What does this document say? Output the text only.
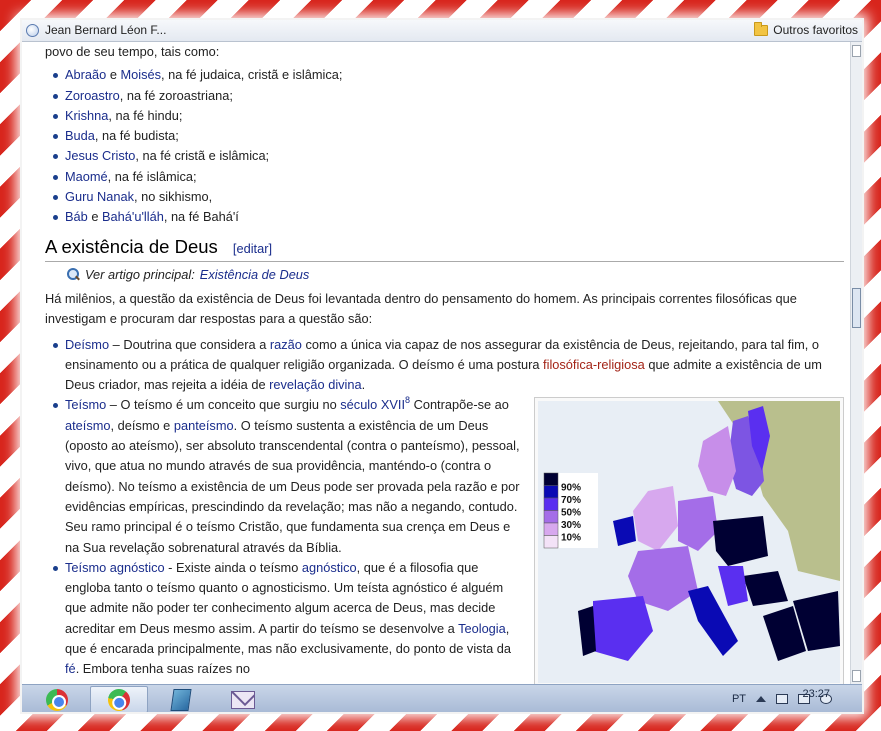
Jean Bernard Léon F...	Outros favoritos
povo de seu tempo, tais como:
Abraão e Moisés, na fé judaica, cristã e islâmica;
Zoroastro, na fé zoroastriana;
Krishna, na fé hindu;
Buda, na fé budista;
Jesus Cristo, na fé cristã e islâmica;
Maomé, na fé islâmica;
Guru Nanak, no sikhismo,
Báb e Bahá'u'lláh, na fé Bahá'í
A existência de Deus [editar]
Ver artigo principal: Existência de Deus

Há milênios, a questão da existência de Deus foi levantada dentro do pensamento do homem. As principais correntes filosóficas que investigam e procuram dar respostas para a questão são:

Deísmo – Doutrina que considera a razão como a única via capaz de nos assegurar da existência de Deus, rejeitando, para tal fim, o ensinamento ou a prática de qualquer religião organizada. O deísmo é uma postura filosófica-religiosa que admite a existência de um Deus criador, mas rejeita a idéia de revelação divina.
90%
70%
50%
30%
10%
Teísmo – O teísmo é um conceito que surgiu no século XVII$^8$ Contrapõe-se ao ateísmo, deísmo e panteísmo. O teísmo sustenta a existência de um Deus (oposto ao ateísmo), ser absoluto transcendental (contra o panteísmo), pessoal, vivo, que atua no mundo através de sua providência, manténdo-o (contra o deísmo). No teísmo a existência de um Deus pode ser provada pela razão e por evidências empíricas, prescindindo da revelação; mas não a negando, contudo. Seu ramo principal é o teísmo Cristão, que fundamenta sua crença em Deus e na Sua revelação sobrenatural através da Bíblia.
Teísmo agnóstico - Existe ainda o teísmo agnóstico, que é a filosofia que engloba tanto o teísmo quanto o agnosticismo. Um teísta agnóstico é alguém que admite não poder ter conhecimento algum acerca de Deus, mas decide acreditar em Deus mesmo assim. A partir do teísmo se desenvolve a Teologia, que é encarada principalmente, mas não exclusivamente, do ponto de vista da fé. Embora tenha suas raízes no
PT	23:27
